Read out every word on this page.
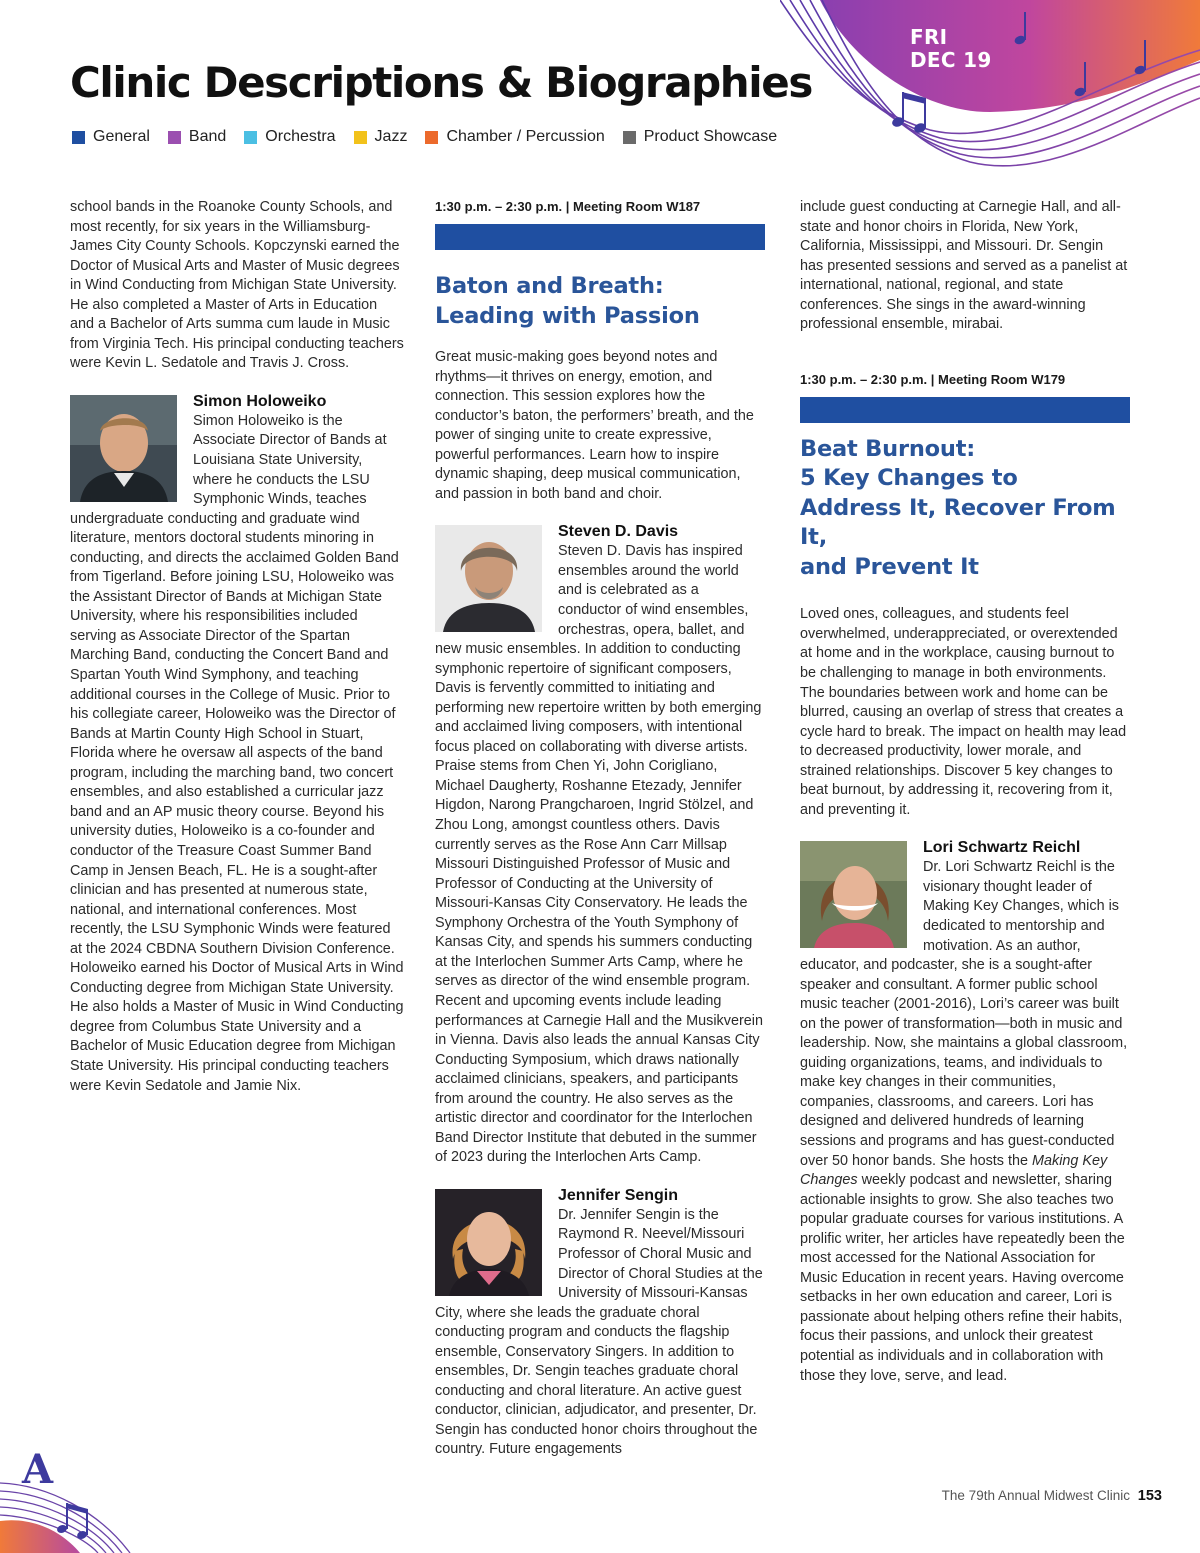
FRI
DEC 19
Clinic Descriptions & Biographies
General Band Orchestra Jazz Chamber / Percussion Product Showcase

school bands in the Roanoke County Schools, and most recently, for six years in the Williamsburg-James City County Schools. Kopczynski earned the Doctor of Musical Arts and Master of Music degrees in Wind Conducting from Michigan State University. He also completed a Master of Arts in Education and a Bachelor of Arts summa cum laude in Music from Virginia Tech. His principal conducting teachers were Kevin L. Sedatole and Travis J. Cross.

Simon Holoweiko

Simon Holoweiko is the Associate Director of Bands at Louisiana State University, where he conducts the LSU Symphonic Winds, teaches undergraduate conducting and graduate wind literature, mentors doctoral students minoring in conducting, and directs the acclaimed Golden Band from Tigerland. Before joining LSU, Holoweiko was the Assistant Director of Bands at Michigan State University, where his responsibilities included serving as Associate Director of the Spartan Marching Band, conducting the Concert Band and Spartan Youth Wind Symphony, and teaching additional courses in the College of Music. Prior to his collegiate career, Holoweiko was the Director of Bands at Martin County High School in Stuart, Florida where he oversaw all aspects of the band program, including the marching band, two concert ensembles, and also established a curricular jazz band and an AP music theory course. Beyond his university duties, Holoweiko is a co-founder and conductor of the Treasure Coast Summer Band Camp in Jensen Beach, FL. He is a sought-after clinician and has presented at numerous state, national, and international conferences. Most recently, the LSU Symphonic Winds were featured at the 2024 CBDNA Southern Division Conference. Holoweiko earned his Doctor of Musical Arts in Wind Conducting degree from Michigan State University. He also holds a Master of Music in Wind Conducting degree from Columbus State University and a Bachelor of Music Education degree from Michigan State University. His principal conducting teachers were Kevin Sedatole and Jamie Nix.

1:30 p.m. – 2:30 p.m. | Meeting Room W187
Baton and Breath:
Leading with Passion

Great music-making goes beyond notes and rhythms—it thrives on energy, emotion, and connection. This session explores how the conductor’s baton, the performers’ breath, and the power of singing unite to create expressive, powerful performances. Learn how to inspire dynamic shaping, deep musical communication, and passion in both band and choir.

Steven D. Davis

Steven D. Davis has inspired ensembles around the world and is celebrated as a conductor of wind ensembles, orchestras, opera, ballet, and new music ensembles. In addition to conducting symphonic repertoire of significant composers, Davis is fervently committed to initiating and performing new repertoire written by both emerging and acclaimed living composers, with intentional focus placed on collaborating with diverse artists. Praise stems from Chen Yi, John Corigliano, Michael Daugherty, Roshanne Etezady, Jennifer Higdon, Narong Prangcharoen, Ingrid Stölzel, and Zhou Long, amongst countless others. Davis currently serves as the Rose Ann Carr Millsap Missouri Distinguished Professor of Music and Professor of Conducting at the University of Missouri-Kansas City Conservatory. He leads the Symphony Orchestra of the Youth Symphony of Kansas City, and spends his summers conducting at the Interlochen Summer Arts Camp, where he serves as director of the wind ensemble program. Recent and upcoming events include leading performances at Carnegie Hall and the Musikverein in Vienna. Davis also leads the annual Kansas City Conducting Symposium, which draws nationally acclaimed clinicians, speakers, and participants from around the country. He also serves as the artistic director and coordinator for the Interlochen Band Director Institute that debuted in the summer of 2023 during the Interlochen Arts Camp.

Jennifer Sengin

Dr. Jennifer Sengin is the Raymond R. Neevel/Missouri Professor of Choral Music and Director of Choral Studies at the University of Missouri-Kansas City, where she leads the graduate choral conducting program and conducts the flagship ensemble, Conservatory Singers. In addition to ensembles, Dr. Sengin teaches graduate choral conducting and choral literature. An active guest conductor, clinician, adjudicator, and presenter, Dr. Sengin has conducted honor choirs throughout the country. Future engagements

include guest conducting at Carnegie Hall, and all-state and honor choirs in Florida, New York, California, Mississippi, and Missouri. Dr. Sengin has presented sessions and served as a panelist at international, national, regional, and state conferences. She sings in the award-winning professional ensemble, mirabai.

1:30 p.m. – 2:30 p.m. | Meeting Room W179
Beat Burnout:
5 Key Changes to
Address It, Recover From It,
and Prevent It

Loved ones, colleagues, and students feel overwhelmed, underappreciated, or overextended at home and in the workplace, causing burnout to be challenging to manage in both environments. The boundaries between work and home can be blurred, causing an overlap of stress that creates a cycle hard to break. The impact on health may lead to decreased productivity, lower morale, and strained relationships. Discover 5 key changes to beat burnout, by addressing it, recovering from it, and preventing it.

Lori Schwartz Reichl

Dr. Lori Schwartz Reichl is the visionary thought leader of Making Key Changes, which is dedicated to mentorship and motivation. As an author, educator, and podcaster, she is a sought-after speaker and consultant. A former public school music teacher (2001-2016), Lori’s career was built on the power of transformation—both in music and leadership. Now, she maintains a global classroom, guiding organizations, teams, and individuals to make key changes in their communities, companies, classrooms, and careers. Lori has designed and delivered hundreds of learning sessions and programs and has guest-conducted over 50 honor bands. She hosts the Making Key Changes weekly podcast and newsletter, sharing actionable insights to grow. She also teaches two popular graduate courses for various institutions. A prolific writer, her articles have repeatedly been the most accessed for the National Association for Music Education in recent years. Having overcome setbacks in her own education and career, Lori is passionate about helping others refine their habits, focus their passions, and unlock their greatest potential as individuals and in collaboration with those they love, serve, and lead.

A
The 79th Annual Midwest Clinic 153
